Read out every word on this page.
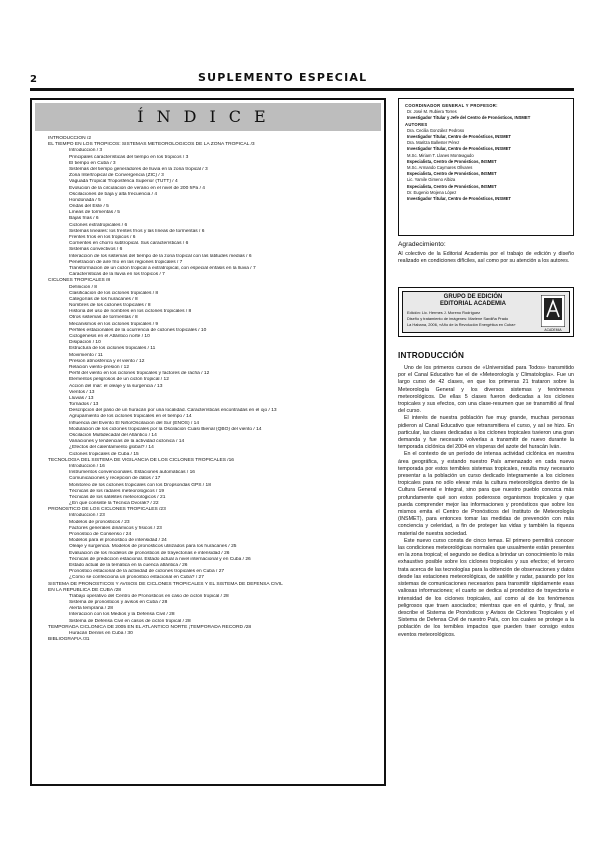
2	SUPLEMENTO ESPECIAL
ÍNDICE
INTRODUCCIÓN /2
EL TIEMPO EN LOS TRÓPICOS: SISTEMAS METEOROLÓGICOS DE LA ZONA TROPICAL /3
Introducción / 3
Principales características del tiempo en los trópicos / 3
El tiempo en Cuba / 3
Sistemas del tiempo generadores de lluvia en la zona tropical / 3
Zona Intertropical de Convergencia (ZIC) / 3
Vaguada Tropical Troposférica Superior (TUTT) / 4
Evolución de la circulación de verano en el nivel de 200 hPa / 4
Oscilaciones de baja y alta frecuencia / 4
Hondonada / 5
Ondas del Este / 5
Líneas de tormentas / 5
Bajas frías / 6
Ciclones extratropicales / 6
Sistemas lineales: los frentes fríos y las líneas de tormentas / 6
Frentes fríos en los trópicos / 6
Corrientes en chorro subtropical. Sus características / 6
Sistemas convectivos / 6
Interacción de los sistemas del tiempo de la zona tropical con las latitudes medias / 6
Penetración de aire frío en las regiones tropicales / 7
Transformación de un ciclón tropical a extratropical, con especial énfasis en la lluvia / 7
Características de la lluvia en los trópicos / 7
CICLONES TROPICALES /8
Definición / 8
Clasificación de los ciclones tropicales / 8
Categorías de los huracanes / 8
Nombres de los ciclones tropicales / 8
Historia del uso de nombres en los ciclones tropicales / 8
Otros sistemas de tormentas / 8
Mecanismos en los ciclones tropicales / 9
Perfiles estacionales de la ocurrencia de ciclones tropicales / 10
Ciclogénesis en el Atlántico norte / 10
Disipación / 10
Estructura de los ciclones tropicales / 11
Movimiento / 11
Presión atmosférica y el viento / 12
Relación viento-presión / 12
Perfil del viento en los ciclones tropicales y factores de racha / 12
Elementos peligrosos de un ciclón tropical / 12
Acción del mar: el oleaje y la surgencia / 13
Vientos / 13
Lluvias / 13
Tornados / 13
Descripción del paso de un huracán por una localidad. Características encontradas en el ojo / 13
Agrupamiento de los ciclones tropicales en el tiempo / 14
Influencia del Evento El Niño/Oscilación del Sur (ENOS) / 14
Modulación de los ciclones tropicales por la Oscilación Cuasi Bienal (QBO) del viento / 14
Oscilación Multidecadal del Atlántico / 14
Variaciones y tendencias de la actividad ciclónica / 14
¿Efectos del calentamiento global? / 14
Ciclones tropicales de Cuba / 15
TECNOLOGÍA DEL SISTEMA DE VIGILANCIA DE LOS CICLONES TROPICALES /16
Introducción / 16
Instrumentos convencionales. Estaciones automáticas / 16
Comunicaciones y recepción de datos / 17
Monitoreo de los ciclones tropicales con los Dropsondas GPS / 18
Técnicas de los radares meteorológicos / 19
Técnicas de los satélites meteorológicos / 21
¿En qué consiste la Técnica Dvorak? / 22
PRONÓSTICO DE LOS CICLONES TROPICALES /23
Introducción / 23
Modelos de pronósticos / 23
Factores generales dinámicos y físicos / 23
Pronóstico de Consenso / 24
Modelos para el pronóstico de intensidad / 24
Oleaje y surgencia. Modelos de pronósticos utilizados para los huracanes / 25
Evaluación de los modelos de pronósticos de trayectorias e intensidad / 26
Técnicas de predicción estacional. Estado actual a nivel internacional y en Cuba / 26
Estado actual de la temática en la cuenca atlántica / 26
Pronóstico estacional de la actividad de ciclones tropicales en Cuba / 27
¿Cómo se confecciona un pronóstico estacional en Cuba? / 27
SISTEMA DE PRONÓSTICOS Y AVISOS DE CICLONES TROPICALES Y EL SISTEMA DE DEFENSA CIVIL
EN LA REPÚBLICA DE CUBA /28
Trabajo operativo del Centro de Pronósticos en caso de ciclón tropical / 28
Sistema de pronósticos y avisos en Cuba / 28
Alerta temprana / 28
Interacción con los Medios y la Defensa Civil / 28
Sistema de Defensa Civil en casos de ciclón tropical / 28
TEMPORADA CICLÓNICA DE 2005 EN EL ATLÁNTICO NORTE ¡TEMPORADA RÉCORD /28
Huracán Dennis en Cuba / 30
BIBLIOGRAFÍA /31
COORDINADOR GENERAL Y PROFESOR:
Dr. José M. Rubiera Torres
Investigador Titular y Jefe del Centro de Pronósticos, INSMET
AUTORES
Dra. Cecilia González Pedroso
Investigador Titular, Centro de Pronósticos, INSMET
Dra. Maritza Ballester Pérez
Investigador Titular, Centro de Pronósticos, INSMET
M.Sc. Miriam T. Llanes Monteagudo
Especialista, Centro de Pronósticos, INSMET
M.Sc. Armando Caymares Ollvares
Especialista, Centro de Pronósticos, INSMET
Lic. Yamile Gimeno Albiza
Especialista, Centro de Pronósticos, INSMET
Dr. Eugenio Mojena López
Investigador Titular, Centro de Pronósticos, INSMET
Agradecimiento:
Al colectivo de la Editorial Academia por el trabajo de edición y diseño realizado en condiciones difíciles, así como por su atención a los autores.
GRUPO DE EDICIÓN
EDITORIAL ACADEMIA
Edición: Lic. Hermes J. Moreno Rodríguez
Diseño y tratamiento de imágenes: Marlene Sardiña Prado
La Habana, 2006, «Año de la Revolución Energética en Cuba»
ACADEMIA
INTRODUCCIÓN

Uno de los primeros cursos de «Universidad para Todos» transmitido por el Canal Educativo fue el de «Meteorología y Climatología». Fue un largo curso de 42 clases, en que los primeras 21 trataron sobre la Meteorología General y los diversos sistemas y fenómenos meteorológicos. De ellas 5 clases fueron dedicadas a los ciclones tropicales y sus efectos, con una clase-resumen que se transmitió al final del curso.

El interés de nuestra población fue muy grande, muchas personas pidieron al Canal Educativo que retransmitiera el curso, y así se hizo. En particular, las clases dedicadas a los ciclones tropicales tuvieron una gran demanda y fue necesario volverlas a transmitir de nuevo durante la temporada ciclónica del 2004 en vísperas del azote del huracán Iván.

En el contexto de un período de intensa actividad ciclónica en nuestra área geográfica, y estando nuestro País amenazado en cada nueva temporada por estos temibles sistemas tropicales, resulta muy necesario presentar a la población un curso dedicado íntegramente a los ciclones tropicales para no sólo elevar más la cultura meteorológica dentro de la Cultura General e Integral, sino para que nuestro pueblo conozca más profundamente qué son estos poderosos organismos tropicales y que pueda comprender mejor las informaciones y pronósticos que sobre los mismos emita el Centro de Pronósticos del Instituto de Meteorología (INSMET), para entonces tomar las medidas de prevención con más conciencia y celeridad, a fin de proteger las vidas y también la riqueza material de nuestra sociedad.

Este nuevo curso consta de cinco temas. El primero permitirá conocer las condiciones meteorológicas normales que usualmente están presentes en la zona tropical; el segundo se dedica a brindar un conocimiento lo más exhaustivo posible sobre los ciclones tropicales y sus efectos; el tercero trata acerca de las tecnologías para la obtención de observaciones y datos desde las estaciones meteorológicas, de satélite y radar, pasando por los sistemas de comunicaciones necesarios para transmitir rápidamente esas valiosas informaciones; el cuarto se dedica al pronóstico de trayectoria e intensidad de los ciclones tropicales, así como al de los fenómenos peligrosos que traen asociados; mientras que en el quinto, y final, se describe el Sistema de Pronósticos y Avisos de Ciclones Tropicales y el Sistema de Defensa Civil de nuestro País, con los cuales se protege a la población de los temibles impactos que pueden traer consigo estos eventos meteorológicos.
